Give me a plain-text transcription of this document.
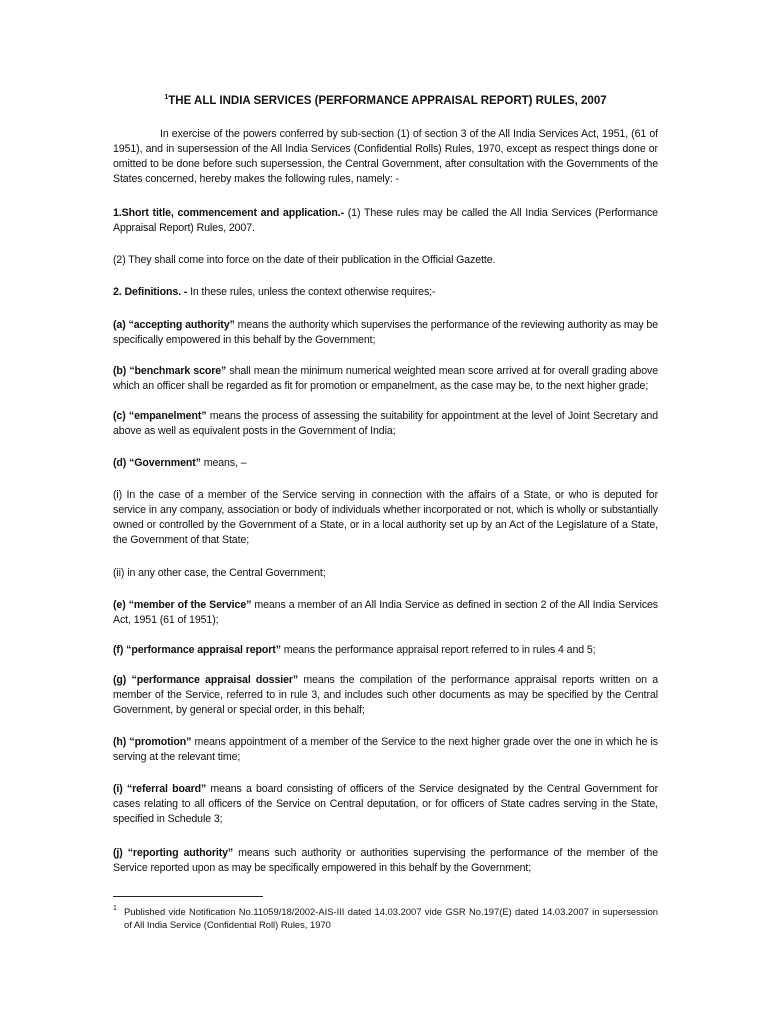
$^1$THE ALL INDIA SERVICES (PERFORMANCE APPRAISAL REPORT) RULES, 2007
In exercise of the powers conferred by sub-section (1) of section 3 of the All India Services Act, 1951, (61 of 1951), and in supersession of the All India Services (Confidential Rolls) Rules, 1970, except as respect things done or omitted to be done before such supersession, the Central Government, after consultation with the Governments of the States concerned, hereby makes the following rules, namely: -
1.Short title, commencement and application.- (1) These rules may be called the All India Services (Performance Appraisal Report) Rules, 2007.
(2) They shall come into force on the date of their publication in the Official Gazette.
2. Definitions. - In these rules, unless the context otherwise requires;-
(a) “accepting authority” means the authority which supervises the performance of the reviewing authority as may be specifically empowered in this behalf by the Government;
(b) “benchmark score” shall mean the minimum numerical weighted mean score arrived at for overall grading above which an officer shall be regarded as fit for promotion or empanelment, as the case may be, to the next higher grade;
(c) “empanelment” means the process of assessing the suitability for appointment at the level of Joint Secretary and above as well as equivalent posts in the Government of India;
(d) “Government” means, –
(i) In the case of a member of the Service serving in connection with the affairs of a State, or who is deputed for service in any company, association or body of individuals whether incorporated or not, which is wholly or substantially owned or controlled by the Government of a State, or in a local authority set up by an Act of the Legislature of a State, the Government of that State;
(ii) in any other case, the Central Government;
(e) “member of the Service” means a member of an All India Service as defined in section 2 of the All India Services Act, 1951 (61 of 1951);
(f) “performance appraisal report” means the performance appraisal report referred to in rules 4 and 5;
(g) “performance appraisal dossier” means the compilation of the performance appraisal reports written on a member of the Service, referred to in rule 3, and includes such other documents as may be specified by the Central Government, by general or special order, in this behalf;
(h) “promotion” means appointment of a member of the Service to the next higher grade over the one in which he is serving at the relevant time;
(i) “referral board” means a board consisting of officers of the Service designated by the Central Government for cases relating to all officers of the Service on Central deputation, or for officers of State cadres serving in the State, specified in Schedule 3;
(j) “reporting authority” means such authority or authorities supervising the performance of the member of the Service reported upon as may be specifically empowered in this behalf by the Government;
1 Published vide Notification No.11059/18/2002-AIS-III dated 14.03.2007 vide GSR No.197(E) dated 14.03.2007 in supersession of All India Service (Confidential Roll) Rules, 1970
